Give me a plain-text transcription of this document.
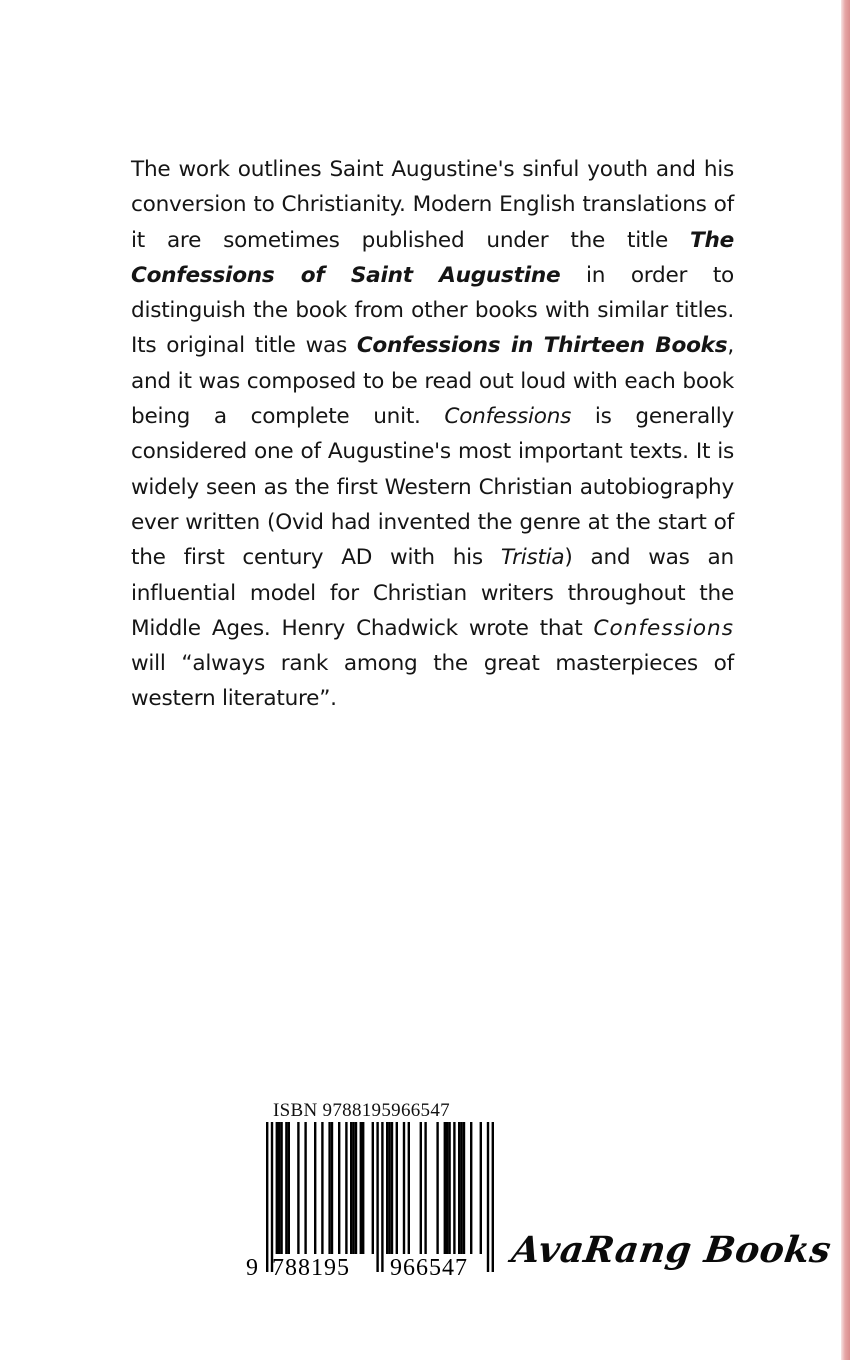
The work outlines Saint Augustine's sinful youth and his conversion to Christianity. Modern English translations of it are sometimes published under the title The Confessions of Saint Augustine in order to distinguish the book from other books with similar titles. Its original title was Confessions in Thirteen Books, and it was composed to be read out loud with each book being a complete unit. Confessions is generally considered one of Augustine's most important texts. It is widely seen as the first Western Christian autobiography ever written (Ovid had invented the genre at the start of the first century AD with his Tristia) and was an influential model for Christian writers throughout the Middle Ages. Henry Chadwick wrote that Confessions will “always rank among the great masterpieces of western literature”.

ISBN 9788195966547
9 788195 966547 AvaRang Books
